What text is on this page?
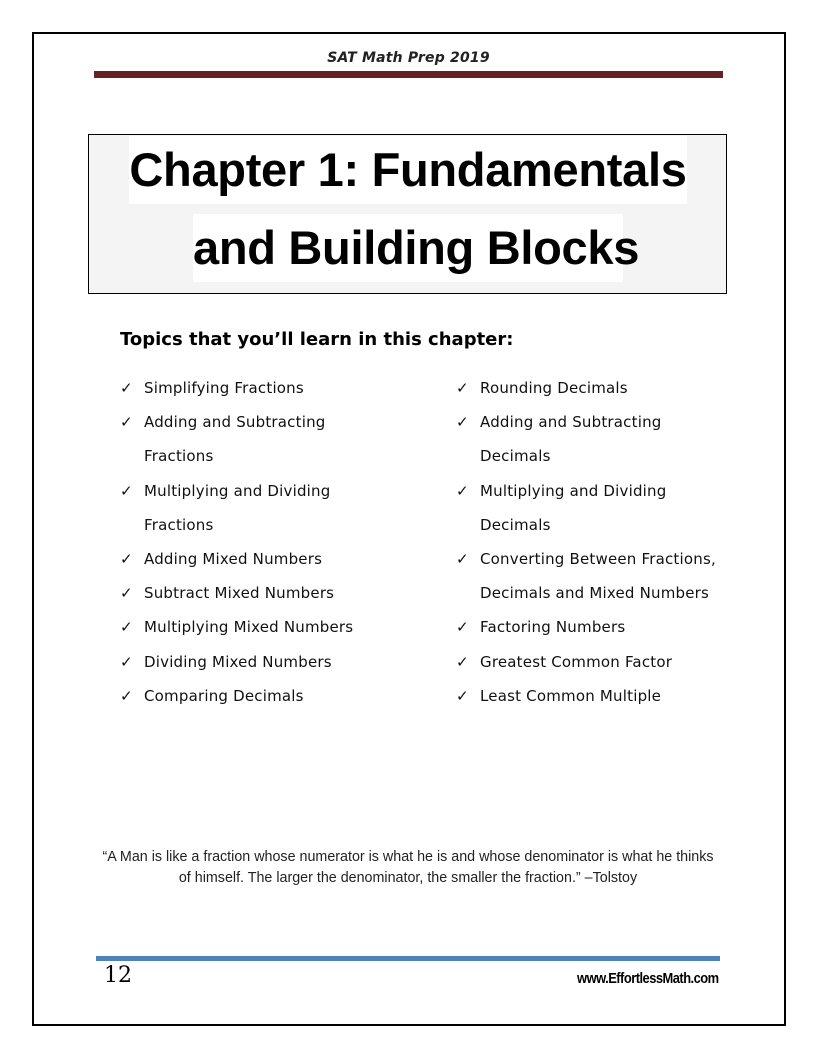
SAT Math Prep 2019
Chapter 1: Fundamentals
and Building Blocks
Topics that you’ll learn in this chapter:
✓ Simplifying Fractions
✓ Adding and Subtracting Fractions
✓ Multiplying and Dividing Fractions
✓ Adding Mixed Numbers
✓ Subtract Mixed Numbers
✓ Multiplying Mixed Numbers
✓ Dividing Mixed Numbers
✓ Comparing Decimals
✓ Rounding Decimals
✓ Adding and Subtracting Decimals
✓ Multiplying and Dividing Decimals
✓ Converting Between Fractions, Decimals and Mixed Numbers
✓ Factoring Numbers
✓ Greatest Common Factor
✓ Least Common Multiple
“A Man is like a fraction whose numerator is what he is and whose denominator is what he thinks of himself. The larger the denominator, the smaller the fraction.” –Tolstoy
12	www.EffortlessMath.com
